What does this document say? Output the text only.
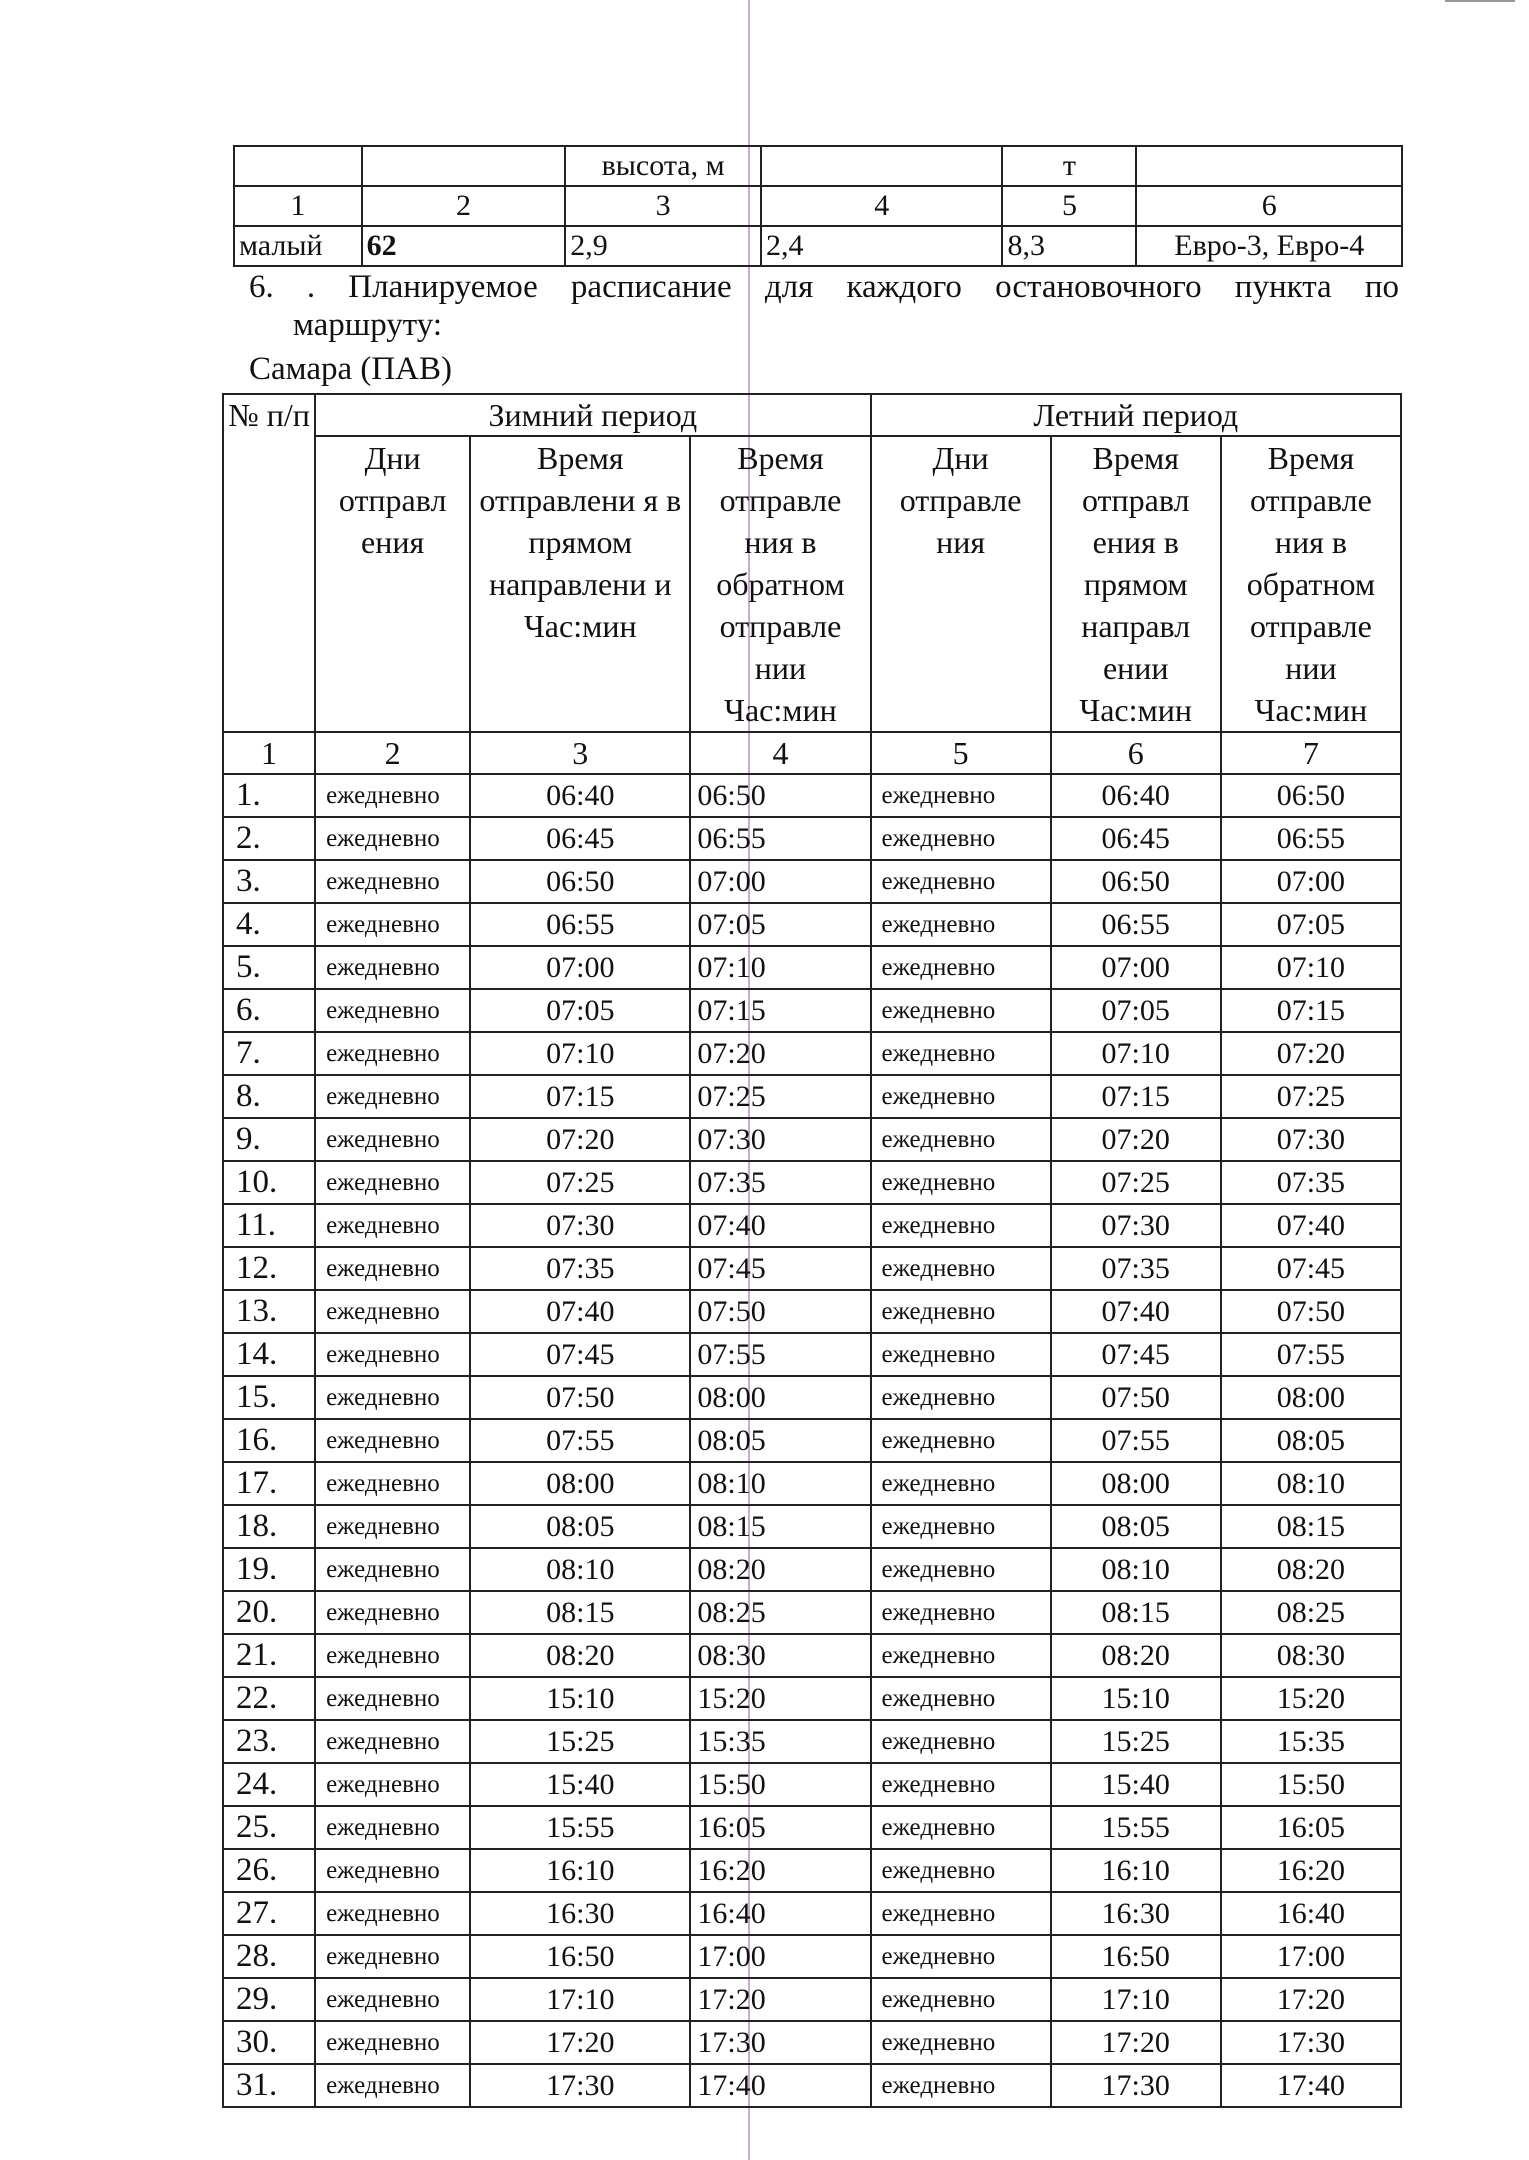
		высота, м		т	
1	2	3	4	5	6
малый	62	2,9	2,4	8,3	Евро-3, Евро-4
6. . Планируемое расписание для каждого остановочного пункта по
маршруту:
Самара (ПАВ)
№ п/п	Зимний период			Летний период		
	Дни отправл ения	Время отправлени я в прямом направлени и Час:мин	Время отправле ния в обратном отправле нии Час:мин	Дни отправле ния	Время отправл ения в прямом направл ении Час:мин	Время отправле ния в обратном отправле нии Час:мин
1	2	3	4	5	6	7
1.	ежедневно	06:40	06:50	ежедневно	06:40	06:50
2.	ежедневно	06:45	06:55	ежедневно	06:45	06:55
3.	ежедневно	06:50	07:00	ежедневно	06:50	07:00
4.	ежедневно	06:55	07:05	ежедневно	06:55	07:05
5.	ежедневно	07:00	07:10	ежедневно	07:00	07:10
6.	ежедневно	07:05	07:15	ежедневно	07:05	07:15
7.	ежедневно	07:10	07:20	ежедневно	07:10	07:20
8.	ежедневно	07:15	07:25	ежедневно	07:15	07:25
9.	ежедневно	07:20	07:30	ежедневно	07:20	07:30
10.	ежедневно	07:25	07:35	ежедневно	07:25	07:35
11.	ежедневно	07:30	07:40	ежедневно	07:30	07:40
12.	ежедневно	07:35	07:45	ежедневно	07:35	07:45
13.	ежедневно	07:40	07:50	ежедневно	07:40	07:50
14.	ежедневно	07:45	07:55	ежедневно	07:45	07:55
15.	ежедневно	07:50	08:00	ежедневно	07:50	08:00
16.	ежедневно	07:55	08:05	ежедневно	07:55	08:05
17.	ежедневно	08:00	08:10	ежедневно	08:00	08:10
18.	ежедневно	08:05	08:15	ежедневно	08:05	08:15
19.	ежедневно	08:10	08:20	ежедневно	08:10	08:20
20.	ежедневно	08:15	08:25	ежедневно	08:15	08:25
21.	ежедневно	08:20	08:30	ежедневно	08:20	08:30
22.	ежедневно	15:10	15:20	ежедневно	15:10	15:20
23.	ежедневно	15:25	15:35	ежедневно	15:25	15:35
24.	ежедневно	15:40	15:50	ежедневно	15:40	15:50
25.	ежедневно	15:55	16:05	ежедневно	15:55	16:05
26.	ежедневно	16:10	16:20	ежедневно	16:10	16:20
27.	ежедневно	16:30	16:40	ежедневно	16:30	16:40
28.	ежедневно	16:50	17:00	ежедневно	16:50	17:00
29.	ежедневно	17:10	17:20	ежедневно	17:10	17:20
30.	ежедневно	17:20	17:30	ежедневно	17:20	17:30
31.	ежедневно	17:30	17:40	ежедневно	17:30	17:40
